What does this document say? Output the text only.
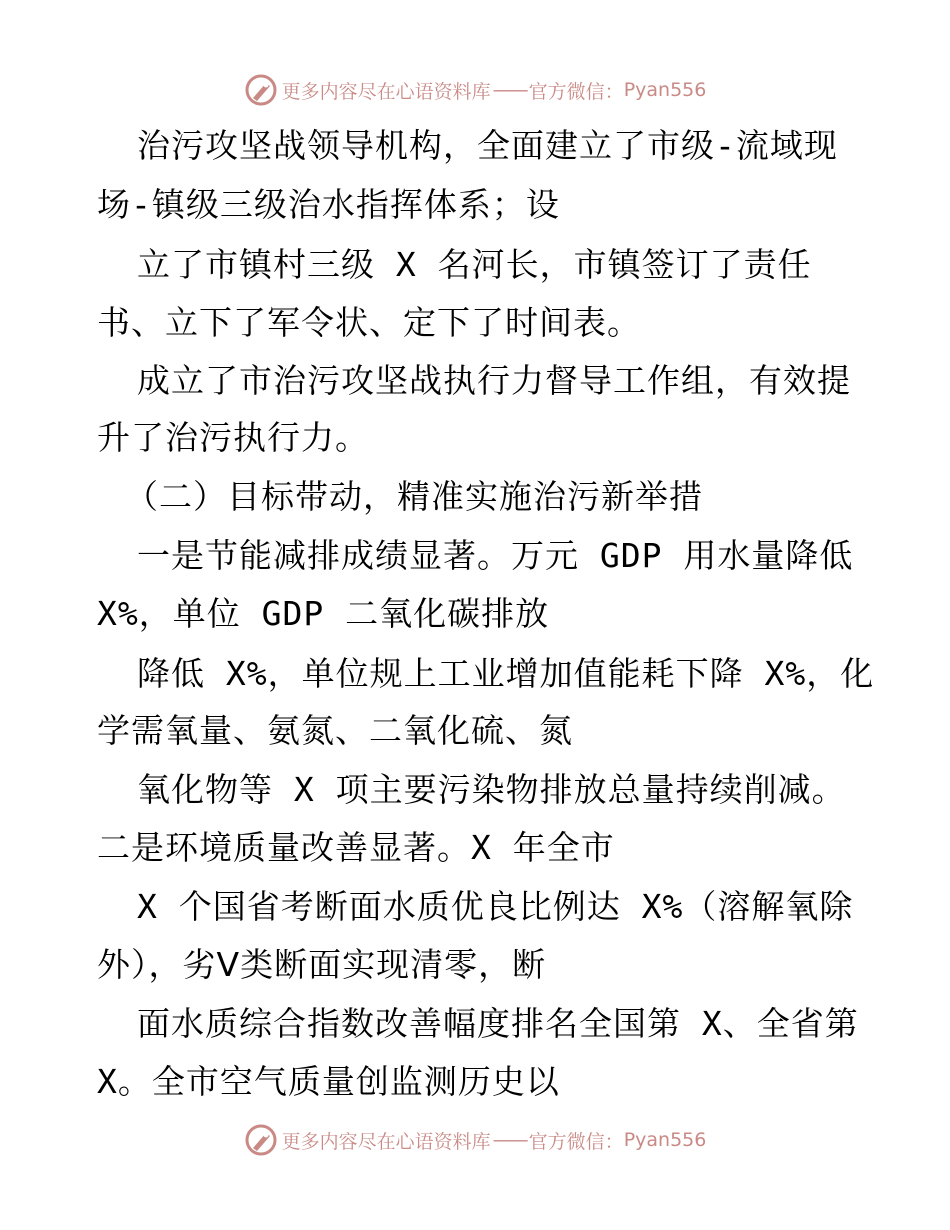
更多内容尽在心语资料库 —— 官方微信： Pyan556
治污攻坚战领导机构，全面建立了市级-流域现
场-镇级三级治水指挥体系；设
立了市镇村三级 X 名河长，市镇签订了责任
书、立下了军令状、定下了时间表。
成立了市治污攻坚战执行力督导工作组，有效提
升了治污执行力。
（二）目标带动，精准实施治污新举措
一是节能减排成绩显著。万元 GDP 用水量降低
X%，单位 GDP 二氧化碳排放
降低 X%，单位规上工业增加值能耗下降 X%，化
学需氧量、氨氮、二氧化硫、氮
氧化物等 X 项主要污染物排放总量持续削减。
二是环境质量改善显著。X 年全市
X 个国省考断面水质优良比例达 X%（溶解氧除
外），劣Ⅴ类断面实现清零，断
面水质综合指数改善幅度排名全国第 X、全省第
X。全市空气质量创监测历史以
更多内容尽在心语资料库 —— 官方微信： Pyan556
